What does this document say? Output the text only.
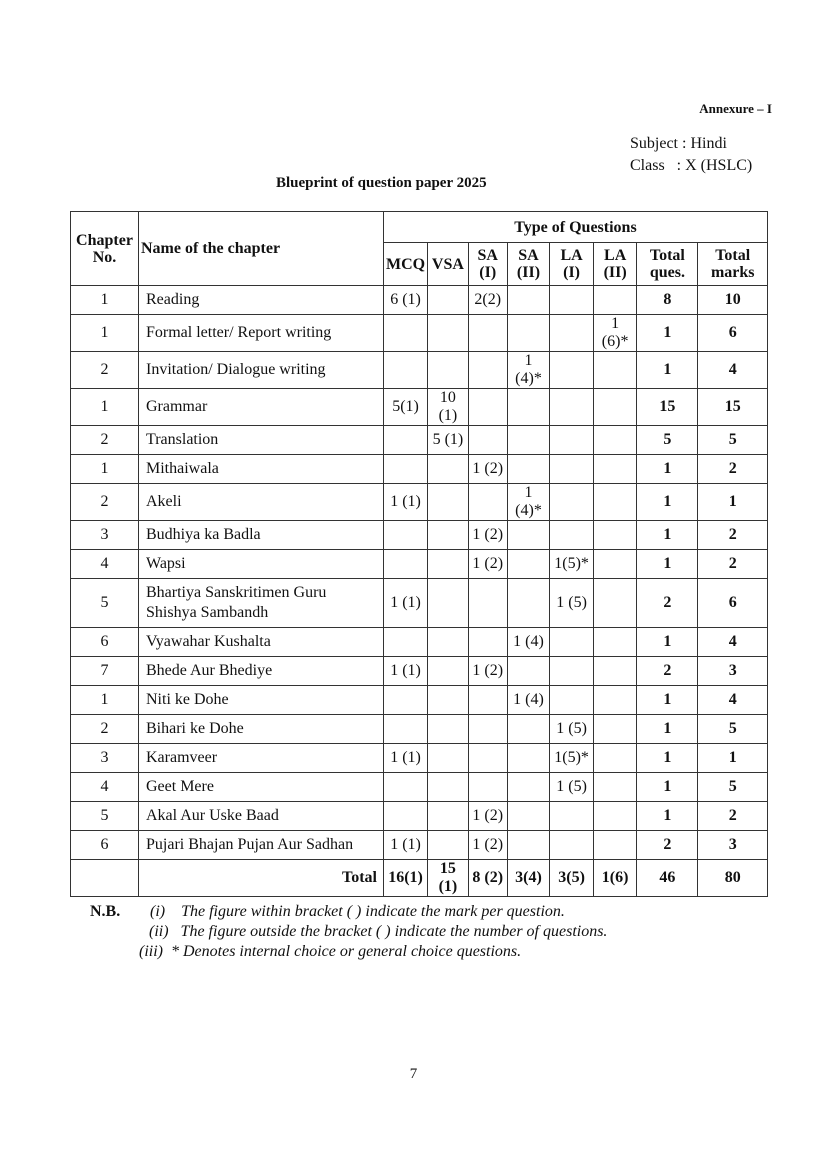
Annexure – I
Subject : Hindi
Class   : X (HSLC)
Blueprint of question paper 2025
Chapter No.	Name of the chapter	Type of Questions							
		MCQ	VSA	SA (I)	SA (II)	LA (I)	LA (II)	Total ques.	Total marks
1	Reading	6 (1)		2(2)				8	10
1	Formal letter/ Report writing						1 (6)*	1	6
2	Invitation/ Dialogue writing				1 (4)*			1	4
1	Grammar	5(1)	10 (1)					15	15
2	Translation		5 (1)					5	5
1	Mithaiwala			1 (2)				1	2
2	Akeli	1 (1)			1 (4)*			1	1
3	Budhiya ka Badla			1 (2)				1	2
4	Wapsi			1 (2)		1(5)*		1	2
5	Bhartiya Sanskritimen Guru Shishya Sambandh	1 (1)				1 (5)		2	6
6	Vyawahar Kushalta				1 (4)			1	4
7	Bhede Aur Bhediye	1 (1)		1 (2)				2	3
1	Niti ke Dohe				1 (4)			1	4
2	Bihari ke Dohe					1 (5)		1	5
3	Karamveer	1 (1)				1(5)*		1	1
4	Geet Mere					1 (5)		1	5
5	Akal Aur Uske Baad			1 (2)				1	2
6	Pujari Bhajan Pujan Aur Sadhan	1 (1)		1 (2)				2	3
	Total	16(1)	15 (1)	8 (2)	3(4)	3(5)	1(6)	46	80
N.B. (i) The figure within bracket ( ) indicate the mark per question.
(ii) The figure outside the bracket ( ) indicate the number of questions.
(iii) * Denotes internal choice or general choice questions.
7
